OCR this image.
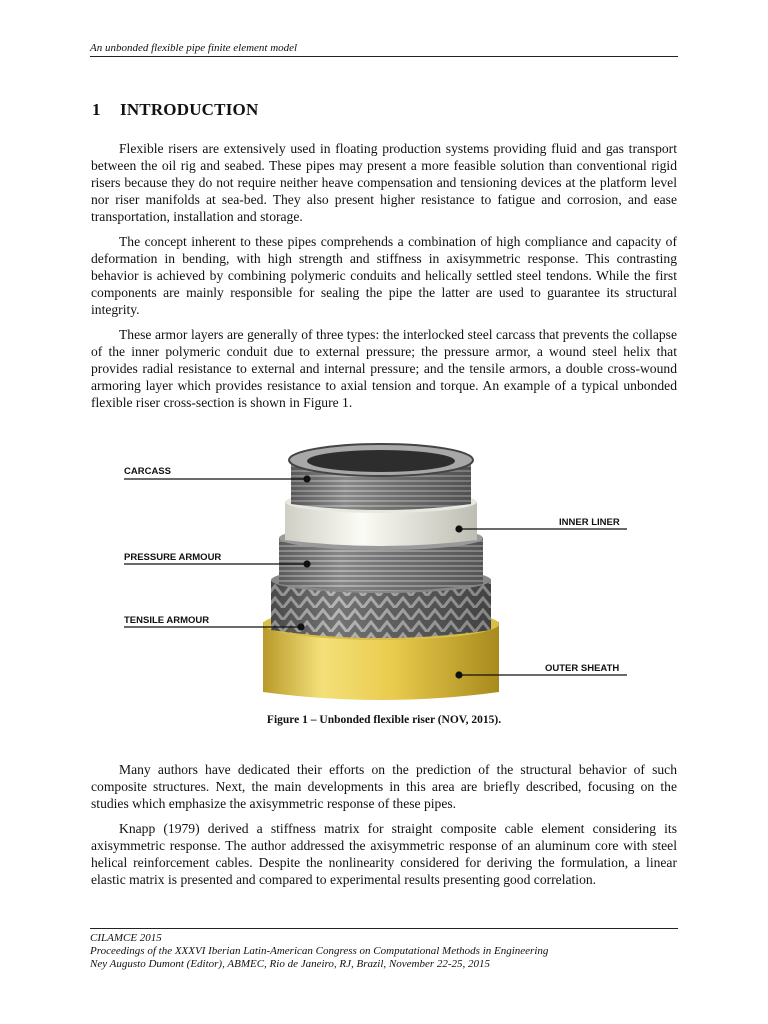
An unbonded flexible pipe finite element model
1 INTRODUCTION

Flexible risers are extensively used in floating production systems providing fluid and gas transport between the oil rig and seabed. These pipes may present a more feasible solution than conventional rigid risers because they do not require neither heave compensation and tensioning devices at the platform level nor riser manifolds at sea-bed. They also present higher resistance to fatigue and corrosion, and ease transportation, installation and storage.

The concept inherent to these pipes comprehends a combination of high compliance and capacity of deformation in bending, with high strength and stiffness in axisymmetric response. This contrasting behavior is achieved by combining polymeric conduits and helically settled steel tendons. While the first components are mainly responsible for sealing the pipe the latter are used to guarantee its structural integrity.

These armor layers are generally of three types: the interlocked steel carcass that prevents the collapse of the inner polymeric conduit due to external pressure; the pressure armor, a wound steel helix that provides radial resistance to external and internal pressure; and the tensile armors, a double cross-wound armoring layer which provides resistance to axial tension and torque. An example of a typical unbonded flexible riser cross-section is shown in Figure 1.

CARCASS
PRESSURE ARMOUR
TENSILE ARMOUR
INNER LINER
OUTER SHEATH
Figure 1 – Unbonded flexible riser (NOV, 2015).

Many authors have dedicated their efforts on the prediction of the structural behavior of such composite structures. Next, the main developments in this area are briefly described, focusing on the studies which emphasize the axisymmetric response of these pipes.

Knapp (1979) derived a stiffness matrix for straight composite cable element considering its axisymmetric response. The author addressed the axisymmetric response of an aluminum core with steel helical reinforcement cables. Despite the nonlinearity considered for deriving the formulation, a linear elastic matrix is presented and compared to experimental results presenting good correlation.

CILAMCE 2015
Proceedings of the XXXVI Iberian Latin-American Congress on Computational Methods in Engineering
Ney Augusto Dumont (Editor), ABMEC, Rio de Janeiro, RJ, Brazil, November 22-25, 2015
